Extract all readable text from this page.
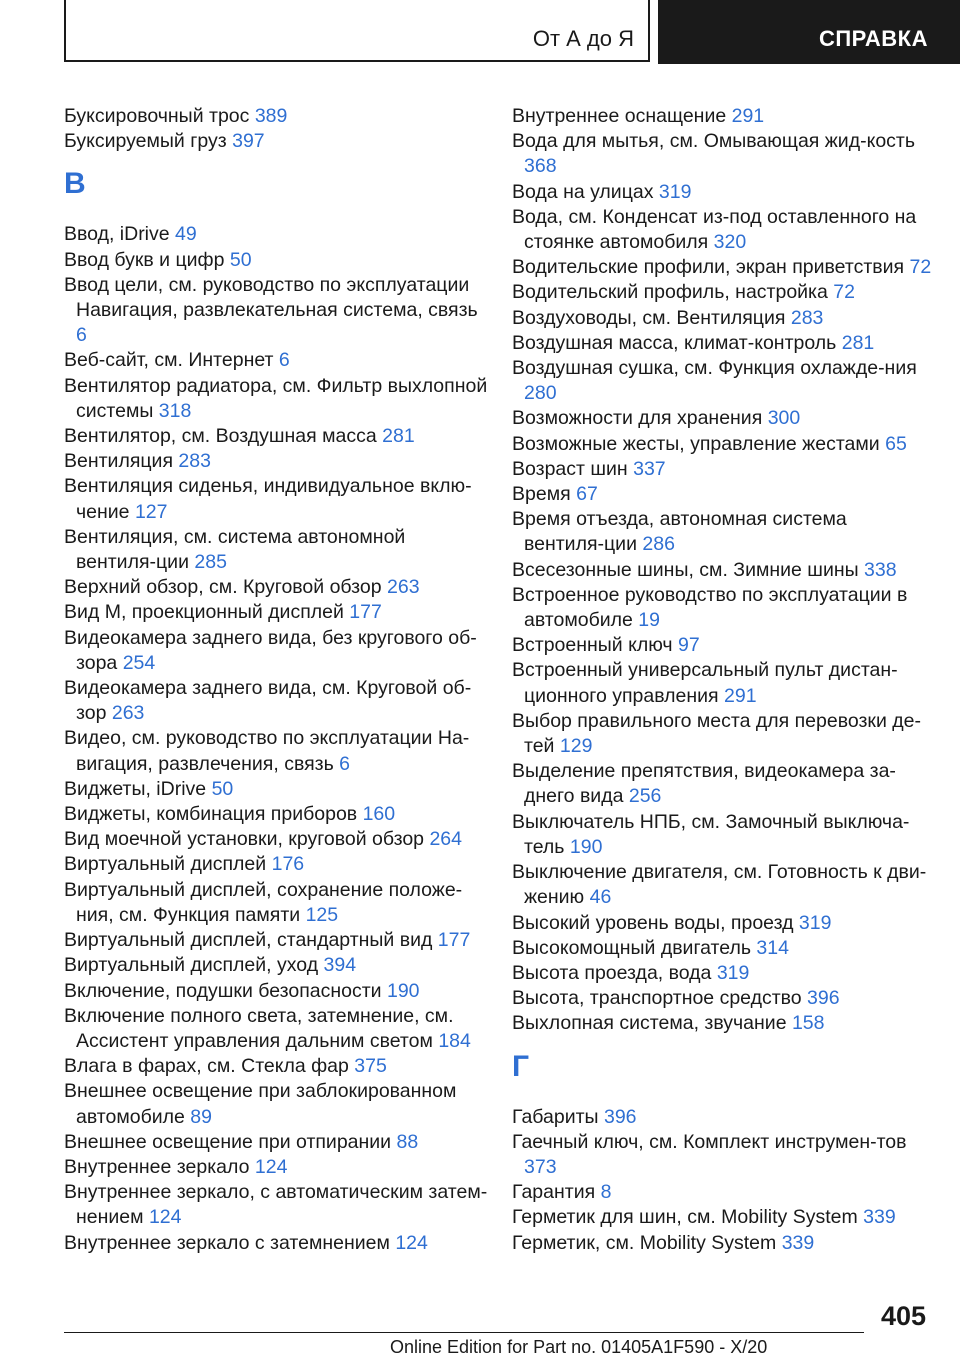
От А до Я	СПРАВКА
Буксировочный трос 389
Буксируемый груз 397
В
Ввод, iDrive 49
Ввод букв и цифр 50
Ввод цели, см. руководство по эксплуатации Навигация, развлекательная система, связь 6
Веб-сайт, см. Интернет 6
Вентилятор радиатора, см. Фильтр выхлопной системы 318
Вентилятор, см. Воздушная масса 281
Вентиляция 283
Вентиляция сиденья, индивидуальное вклю-чение 127
Вентиляция, см. система автономной вентиля-ции 285
Верхний обзор, см. Круговой обзор 263
Вид M, проекционный дисплей 177
Видеокамера заднего вида, без кругового об-зора 254
Видеокамера заднего вида, см. Круговой об-зор 263
Видео, см. руководство по эксплуатации На-вигация, развлечения, связь 6
Виджеты, iDrive 50
Виджеты, комбинация приборов 160
Вид моечной установки, круговой обзор 264
Виртуальный дисплей 176
Виртуальный дисплей, сохранение положе-ния, см. Функция памяти 125
Виртуальный дисплей, стандартный вид 177
Виртуальный дисплей, уход 394
Включение, подушки безопасности 190
Включение полного света, затемнение, см. Ассистент управления дальним светом 184
Влага в фарах, см. Стекла фар 375
Внешнее освещение при заблокированном автомобиле 89
Внешнее освещение при отпирании 88
Внутреннее зеркало 124
Внутреннее зеркало, с автоматическим затем-нением 124
Внутреннее зеркало с затемнением 124
Внутреннее оснащение 291
Вода для мытья, см. Омывающая жид-кость 368
Вода на улицах 319
Вода, см. Конденсат из-под оставленного на стоянке автомобиля 320
Водительские профили, экран приветствия 72
Водительский профиль, настройка 72
Воздуховоды, см. Вентиляция 283
Воздушная масса, климат-контроль 281
Воздушная сушка, см. Функция охлажде-ния 280
Возможности для хранения 300
Возможные жесты, управление жестами 65
Возраст шин 337
Время 67
Время отъезда, автономная система вентиля-ции 286
Всесезонные шины, см. Зимние шины 338
Встроенное руководство по эксплуатации в автомобиле 19
Встроенный ключ 97
Встроенный универсальный пульт дистан-ционного управления 291
Выбор правильного места для перевозки де-тей 129
Выделение препятствия, видеокамера за-днего вида 256
Выключатель НПБ, см. Замочный выключа-тель 190
Выключение двигателя, см. Готовность к дви-жению 46
Высокий уровень воды, проезд 319
Высокомощный двигатель 314
Высота проезда, вода 319
Высота, транспортное средство 396
Выхлопная система, звучание 158
Г
Габариты 396
Гаечный ключ, см. Комплект инструмен-тов 373
Гарантия 8
Герметик для шин, см. Mobility System 339
Герметик, см. Mobility System 339
405
Online Edition for Part no. 01405A1F590 - X/20
